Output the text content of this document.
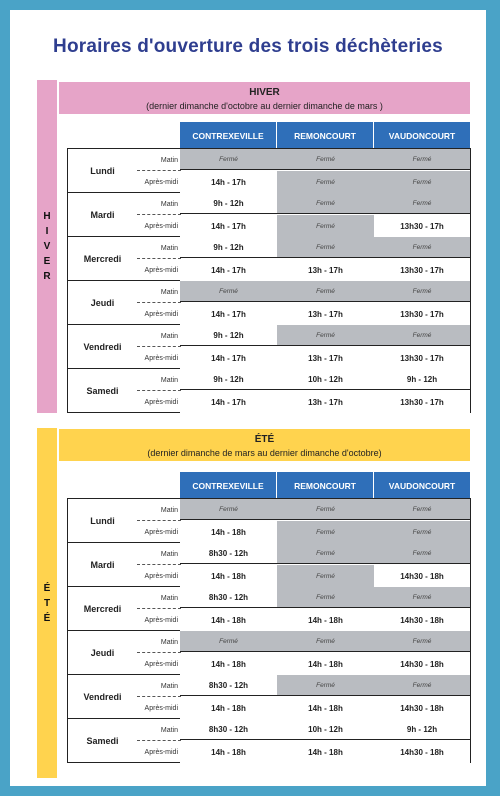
Horaires d'ouverture des trois déchèteries
H
I
V
E
R
HIVER
(dernier dimanche d'octobre au dernier dimanche de mars )
CONTREXEVILLE	REMONCOURT	VAUDONCOURT
Lundi
Matin	Fermé	Fermé	Fermé
Après-midi	14h - 17h	Fermé	Fermé
Mardi
Matin	9h - 12h	Fermé	Fermé
Après-midi	14h - 17h	Fermé	13h30 - 17h
Mercredi
Matin	9h - 12h	Fermé	Fermé
Après-midi	14h - 17h	13h - 17h	13h30 - 17h
Jeudi
Matin	Fermé	Fermé	Fermé
Après-midi	14h - 17h	13h - 17h	13h30 - 17h
Vendredi
Matin	9h - 12h	Fermé	Fermé
Après-midi	14h - 17h	13h - 17h	13h30 - 17h
Samedi
Matin	9h - 12h	10h - 12h	9h - 12h
Après-midi	14h - 17h	13h - 17h	13h30 - 17h
É
T
É
ÉTÉ
(dernier dimanche de mars au dernier dimanche d'octobre)
CONTREXEVILLE	REMONCOURT	VAUDONCOURT
Lundi
Matin	Fermé	Fermé	Fermé
Après-midi	14h - 18h	Fermé	Fermé
Mardi
Matin	8h30 - 12h	Fermé	Fermé
Après-midi	14h - 18h	Fermé	14h30 - 18h
Mercredi
Matin	8h30 - 12h	Fermé	Fermé
Après-midi	14h - 18h	14h - 18h	14h30 - 18h
Jeudi
Matin	Fermé	Fermé	Fermé
Après-midi	14h - 18h	14h - 18h	14h30 - 18h
Vendredi
Matin	8h30 - 12h	Fermé	Fermé
Après-midi	14h - 18h	14h - 18h	14h30 - 18h
Samedi
Matin	8h30 - 12h	10h - 12h	9h - 12h
Après-midi	14h - 18h	14h - 18h	14h30 - 18h
